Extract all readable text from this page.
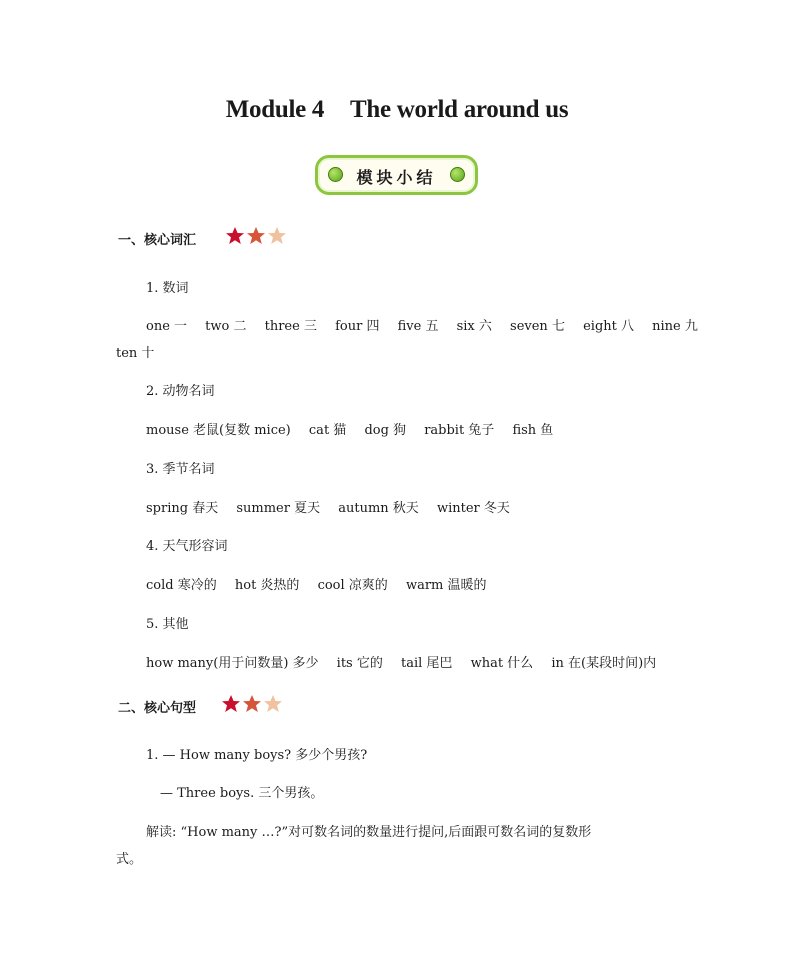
Module 4 The world around us
模块小结
一、核心词汇
1. 数词
one 一 two 二 three 三 four 四 five 五 six 六 seven 七 eight 八 nine 九
ten 十
2. 动物名词
mouse 老鼠(复数 mice) cat 猫 dog 狗 rabbit 兔子 fish 鱼
3. 季节名词
spring 春天 summer 夏天 autumn 秋天 winter 冬天
4. 天气形容词
cold 寒冷的 hot 炎热的 cool 凉爽的 warm 温暖的
5. 其他
how many(用于问数量) 多少 its 它的 tail 尾巴 what 什么 in 在(某段时间)内
二、核心句型
1. — How many boys? 多少个男孩?
— Three boys. 三个男孩。
解读: “How many …?”对可数名词的数量进行提问,后面跟可数名词的复数形
式。
